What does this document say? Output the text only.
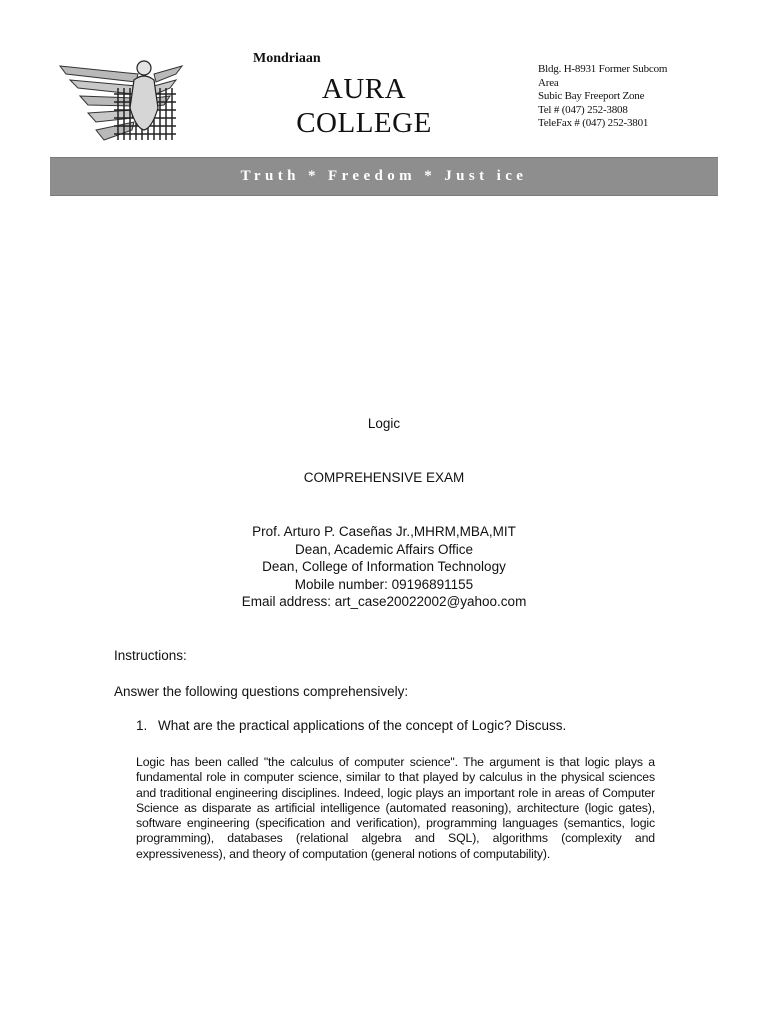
Mondriaan
AURA
COLLEGE
Bldg. H-8931 Former Subcom
Area
Subic Bay Freeport Zone
Tel # (047) 252-3808
TeleFax # (047) 252-3801
Truth * Freedom * Just ice
Logic
COMPREHENSIVE EXAM
Prof. Arturo P. Caseñas Jr.,MHRM,MBA,MIT
Dean, Academic Affairs Office
Dean, College of Information Technology
Mobile number: 09196891155
Email address: art_case20022002@yahoo.com
Instructions:
Answer the following questions comprehensively:
1. What are the practical applications of the concept of Logic? Discuss.
Logic has been called "the calculus of computer science". The argument is that logic plays a fundamental role in computer science, similar to that played by calculus in the physical sciences and traditional engineering disciplines. Indeed, logic plays an important role in areas of Computer Science as disparate as artificial intelligence (automated reasoning), architecture (logic gates), software engineering (specification and verification), programming languages (semantics, logic programming), databases (relational algebra and SQL), algorithms (complexity and expressiveness), and theory of computation (general notions of computability).
